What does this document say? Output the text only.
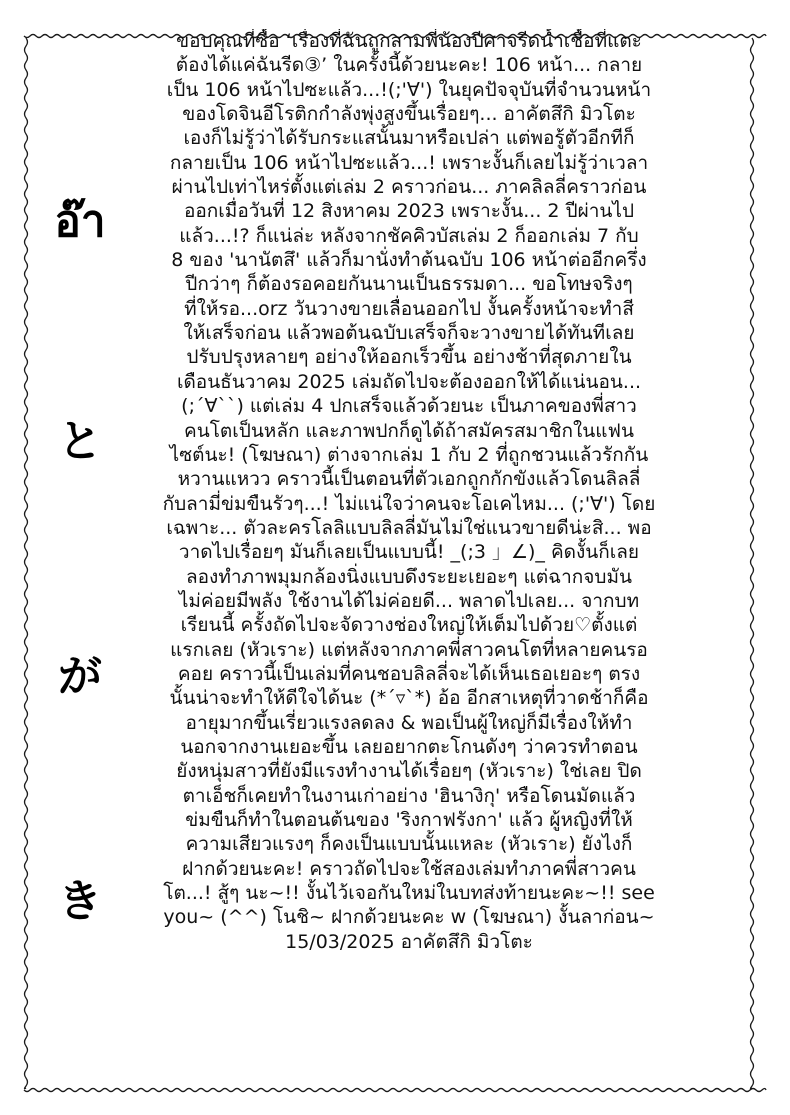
อ๊า
と
が
き
ขอบคุณที่ซื้อ ‘เรื่องที่ฉันถูกสามพี่น้องปีศาจรีดน้ำเชื้อที่แตะ
ต้องได้แค่ฉันรีด③’ ในครั้งนี้ด้วยนะคะ! 106 หน้า... กลาย
เป็น 106 หน้าไปซะแล้ว...!(;'∀') ในยุคปัจจุบันที่จำนวนหน้า
ของโดจินอีโรติกกำลังพุ่งสูงขึ้นเรื่อยๆ... อาคัตสึกิ มิวโตะ
เองก็ไม่รู้ว่าได้รับกระแสนั้นมาหรือเปล่า แต่พอรู้ตัวอีกทีก็
กลายเป็น 106 หน้าไปซะแล้ว...! เพราะงั้นก็เลยไม่รู้ว่าเวลา
ผ่านไปเท่าไหร่ตั้งแต่เล่ม 2 คราวก่อน... ภาคลิลลี่คราวก่อน
ออกเมื่อวันที่ 12 สิงหาคม 2023 เพราะงั้น... 2 ปีผ่านไป
แล้ว...!? ก็แน่ล่ะ หลังจากชัคคิวบัสเล่ม 2 ก็ออกเล่ม 7 กับ
8 ของ 'นานัตสึ' แล้วก็มานั่งทำต้นฉบับ 106 หน้าต่ออีกครึ่ง
ปีกว่าๆ ก็ต้องรอคอยกันนานเป็นธรรมดา... ขอโทษจริงๆ
ที่ให้รอ...orz วันวางขายเลื่อนออกไป งั้นครั้งหน้าจะทำสี
ให้เสร็จก่อน แล้วพอต้นฉบับเสร็จก็จะวางขายได้ทันทีเลย
ปรับปรุงหลายๆ อย่างให้ออกเร็วขึ้น อย่างช้าที่สุดภายใน
เดือนธันวาคม 2025 เล่มถัดไปจะต้องออกให้ได้แน่นอน...
(;´∀``) แต่เล่ม 4 ปกเสร็จแล้วด้วยนะ เป็นภาคของพี่สาว
คนโตเป็นหลัก และภาพปกก็ดูได้ถ้าสมัครสมาชิกในแฟน
ไซต์นะ! (โฆษณา) ต่างจากเล่ม 1 กับ 2 ที่ถูกชวนแล้วรักกัน
หวานแหวว คราวนี้เป็นตอนที่ตัวเอกถูกกักขังแล้วโดนลิลลี่
กับลามี่ข่มขืนรัวๆ...! ไม่แน่ใจว่าคนจะโอเคไหม... (;'∀') โดย
เฉพาะ... ตัวละครโลลิแบบลิลลี่มันไม่ใช่แนวขายดีน่ะสิ... พอ
วาดไปเรื่อยๆ มันก็เลยเป็นแบบนี้! _(;3 」∠)_ คิดงั้นก็เลย
ลองทำภาพมุมกล้องนิ่งแบบดึงระยะเยอะๆ แต่ฉากจบมัน
ไม่ค่อยมีพลัง ใช้งานได้ไม่ค่อยดี... พลาดไปเลย... จากบท
เรียนนี้ ครั้งถัดไปจะจัดวางช่องใหญ่ให้เต็มไปด้วย♡ตั้งแต่
แรกเลย (หัวเราะ) แต่หลังจากภาคพี่สาวคนโตที่หลายคนรอ
คอย คราวนี้เป็นเล่มที่คนชอบลิลลี่จะได้เห็นเธอเยอะๆ ตรง
นั้นน่าจะทำให้ดีใจได้นะ (*´▿`*) อ้อ อีกสาเหตุที่วาดช้าก็คือ
อายุมากขึ้นเรี่ยวแรงลดลง & พอเป็นผู้ใหญ่ก็มีเรื่องให้ทำ
นอกจากงานเยอะขึ้น เลยอยากตะโกนดังๆ ว่าควรทำตอน
ยังหนุ่มสาวที่ยังมีแรงทำงานได้เรื่อยๆ (หัวเราะ) ใช่เลย ปิด
ตาเอ็ชก็เคยทำในงานเก่าอย่าง 'ฮินางิกุ' หรือโดนมัดแล้ว
ข่มขืนก็ทำในตอนต้นของ 'ริงกาฟรังกา' แล้ว ผู้หญิงที่ให้
ความเสียวแรงๆ ก็คงเป็นแบบนั้นแหละ (หัวเราะ) ยังไงก็
ฝากด้วยนะคะ! คราวถัดไปจะใช้สองเล่มทำภาคพี่สาวคน
โต...! สู้ๆ นะ~!! งั้นไว้เจอกันใหม่ในบทส่งท้ายนะคะ~!! see
you~ (^^) โนชิ~ ฝากด้วยนะคะ w (โฆษณา) งั้นลาก่อน~
15/03/2025 อาคัตสึกิ มิวโตะ
